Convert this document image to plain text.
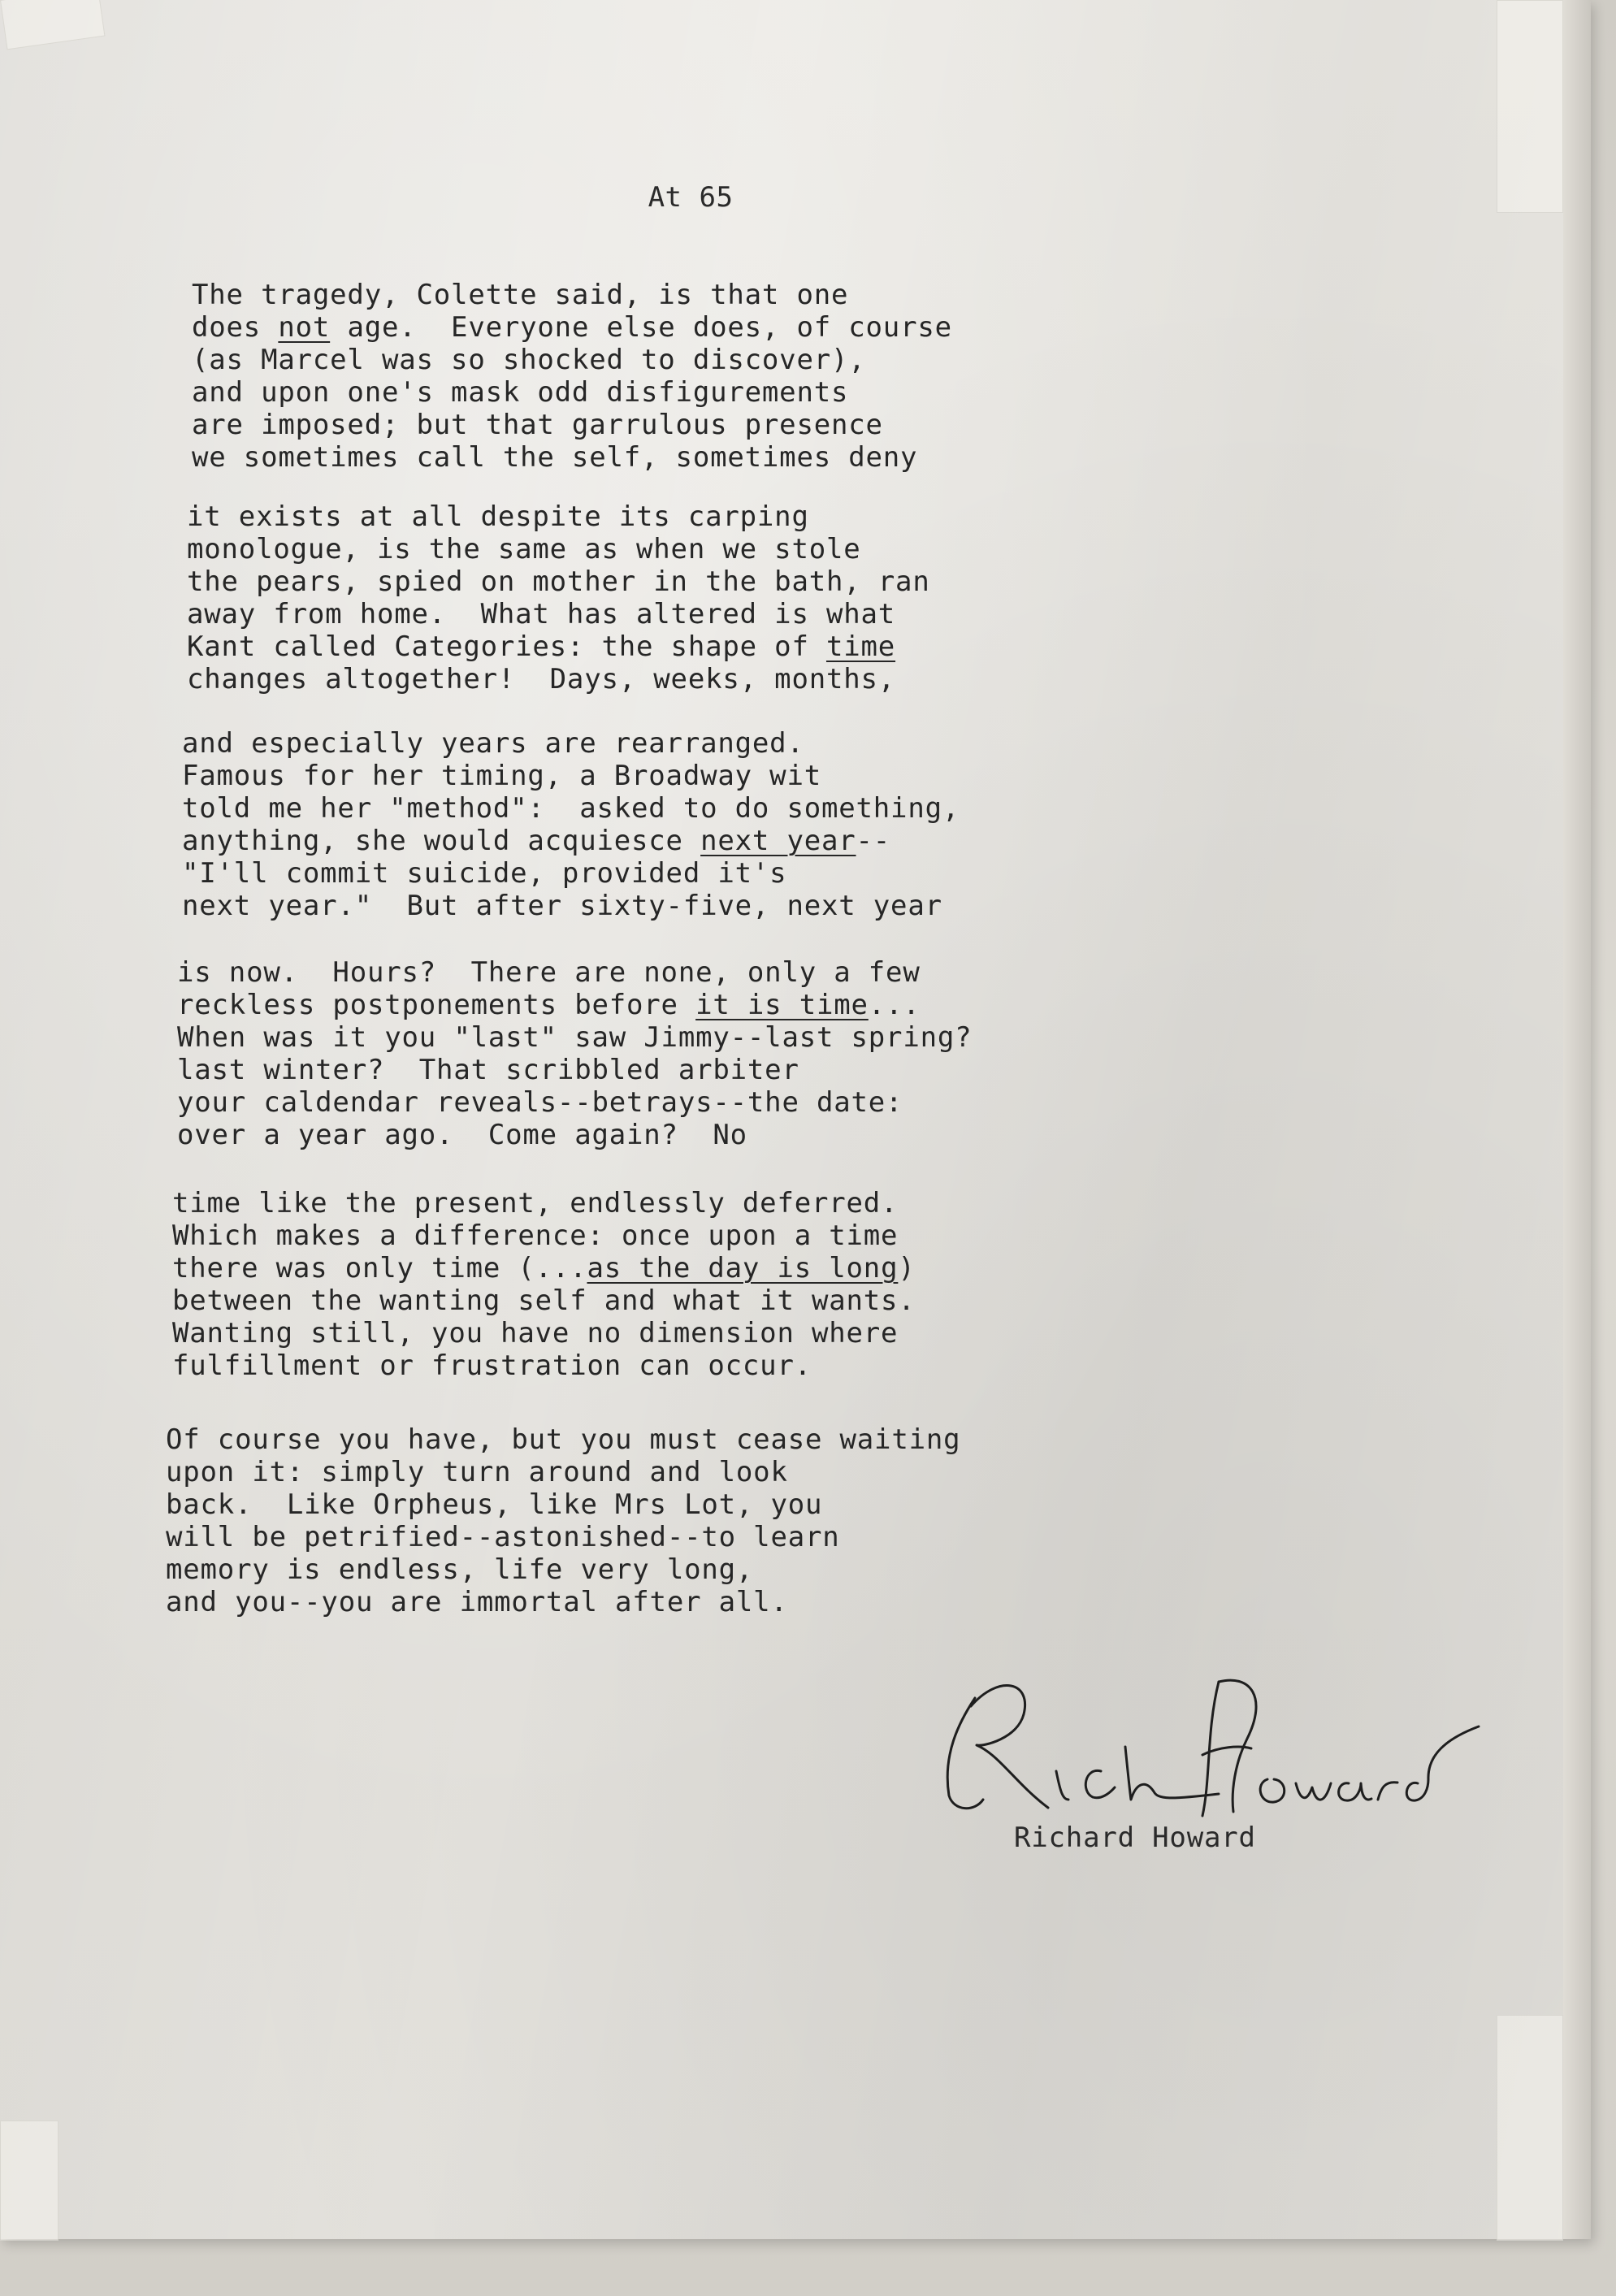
At 65
The tragedy, Colette said, is that one
does not age.  Everyone else does, of course
(as Marcel was so shocked to discover),
and upon one's mask odd disfigurements
are imposed; but that garrulous presence
we sometimes call the self, sometimes deny
it exists at all despite its carping
monologue, is the same as when we stole
the pears, spied on mother in the bath, ran
away from home.  What has altered is what
Kant called Categories: the shape of time
changes altogether!  Days, weeks, months,
and especially years are rearranged.
Famous for her timing, a Broadway wit
told me her "method":  asked to do something,
anything, she would acquiesce next year--
"I'll commit suicide, provided it's
next year."  But after sixty-five, next year
is now.  Hours?  There are none, only a few
reckless postponements before it is time...
When was it you "last" saw Jimmy--last spring?
last winter?  That scribbled arbiter
your caldendar reveals--betrays--the date:
over a year ago.  Come again?  No
time like the present, endlessly deferred.
Which makes a difference: once upon a time
there was only time (...as the day is long)
between the wanting self and what it wants.
Wanting still, you have no dimension where
fulfillment or frustration can occur.
Of course you have, but you must cease waiting
upon it: simply turn around and look
back.  Like Orpheus, like Mrs Lot, you
will be petrified--astonished--to learn
memory is endless, life very long,
and you--you are immortal after all.
Richard Howard
